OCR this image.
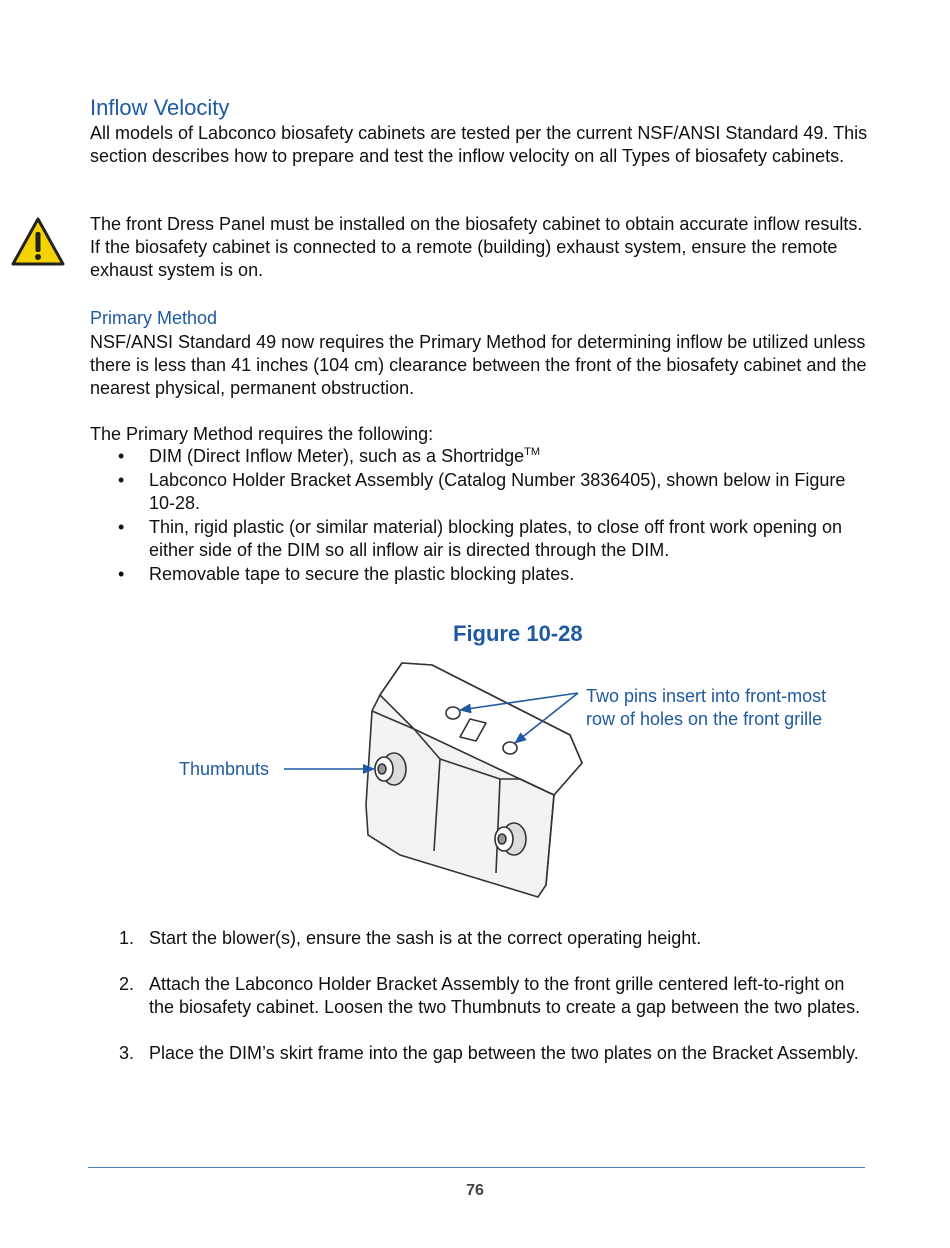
Inflow Velocity

All models of Labconco biosafety cabinets are tested per the current NSF/ANSI Standard 49. This section describes how to prepare and test the inflow velocity on all Types of biosafety cabinets.

The front Dress Panel must be installed on the biosafety cabinet to obtain accurate inflow results. If the biosafety cabinet is connected to a remote (building) exhaust system, ensure the remote exhaust system is on.

Primary Method

NSF/ANSI Standard 49 now requires the Primary Method for determining inflow be utilized unless there is less than 41 inches (104 cm) clearance between the front of the biosafety cabinet and the nearest physical, permanent obstruction.

The Primary Method requires the following:

• DIM (Direct Inflow Meter), such as a Shortridge™
• Labconco Holder Bracket Assembly (Catalog Number 3836405), shown below in Figure 10-28.
• Thin, rigid plastic (or similar material) blocking plates, to close off front work opening on either side of the DIM so all inflow air is directed through the DIM.
• Removable tape to secure the plastic blocking plates.
Figure 10-28
Two pins insert into front-most
row of holes on the front grille
Thumbnuts
1. Start the blower(s), ensure the sash is at the correct operating height.
2. Attach the Labconco Holder Bracket Assembly to the front grille centered left-to-right on the biosafety cabinet. Loosen the two Thumbnuts to create a gap between the two plates.
3. Place the DIM’s skirt frame into the gap between the two plates on the Bracket Assembly.
76
